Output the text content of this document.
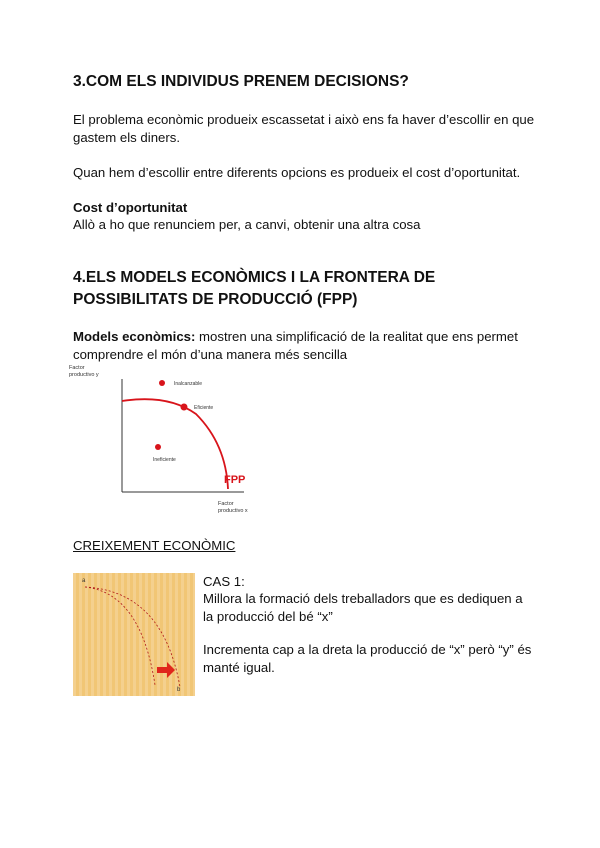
3.COM ELS INDIVIDUS PRENEM DECISIONS?

El problema econòmic produeix escassetat i això ens fa haver d’escollir en que gastem els diners.

Quan hem d’escollir entre diferents opcions es produeix el cost d’oportunitat.

Cost d’oportunitat

Allò a ho que renunciem per, a canvi, obtenir una altra cosa

4.ELS MODELS ECONÒMICS I LA FRONTERA DE
POSSIBILITATS DE PRODUCCIÓ (FPP)

Models econòmics: mostren una simplificació de la realitat que ens permet comprendre el món d’una manera més sencilla

Factor
productivo y
Inalcanzable
Eficiente
Ineficiente
FPP
Factor
productivo x

CREIXEMENT ECONÒMIC

a
b

CAS 1:

Millora la formació dels treballadors que es dediquen a la producció del bé “x”

Incrementa cap a la dreta la producció de “x” però “y” és manté igual.
